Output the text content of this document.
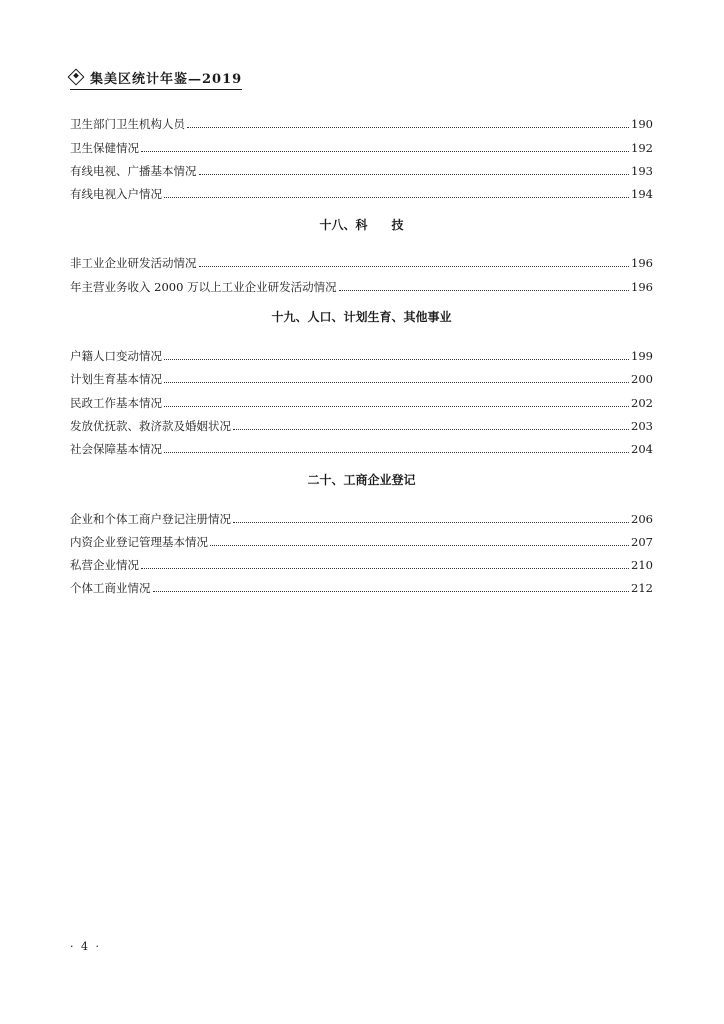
集美区统计年鉴—2019
卫生部门卫生机构人员	190
卫生保健情况	192
有线电视、广播基本情况	193
有线电视入户情况	194
十八、科　　技
非工业企业研发活动情况	196
年主营业务收入 2000 万以上工业企业研发活动情况	196
十九、人口、计划生育、其他事业
户籍人口变动情况	199
计划生育基本情况	200
民政工作基本情况	202
发放优抚款、救济款及婚姻状况	203
社会保障基本情况	204
二十、工商企业登记
企业和个体工商户登记注册情况	206
内资企业登记管理基本情况	207
私营企业情况	210
个体工商业情况	212
· 4 ·
